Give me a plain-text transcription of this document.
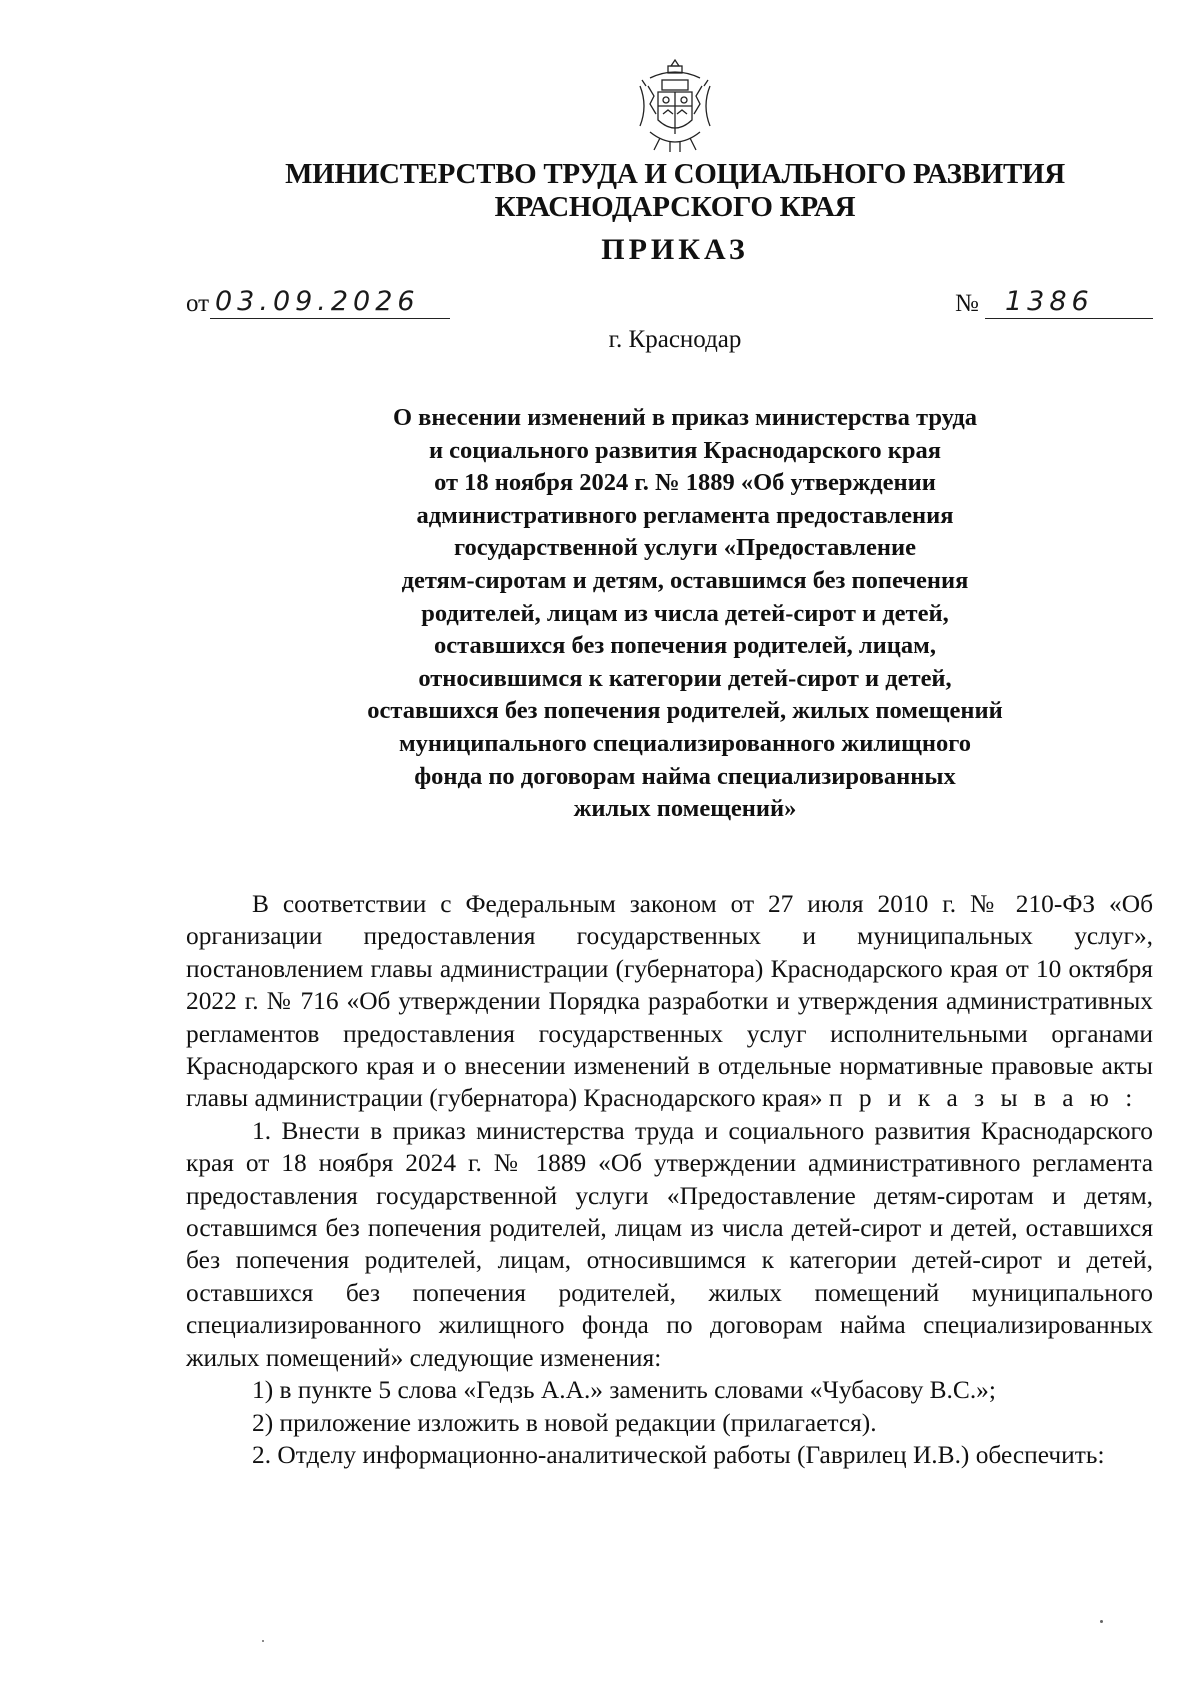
МИНИСТЕРСТВО ТРУДА И СОЦИАЛЬНОГО РАЗВИТИЯ
КРАСНОДАРСКОГО КРАЯ
ПРИКАЗ
от 03.09.2026	№ 1386
г. Краснодар
О внесении изменений в приказ министерства труда
и социального развития Краснодарского края
от 18 ноября 2024 г. № 1889 «Об утверждении
административного регламента предоставления
государственной услуги «Предоставление
детям-сиротам и детям, оставшимся без попечения
родителей, лицам из числа детей-сирот и детей,
оставшихся без попечения родителей, лицам,
относившимся к категории детей-сирот и детей,
оставшихся без попечения родителей, жилых помещений
муниципального специализированного жилищного
фонда по договорам найма специализированных
жилых помещений»

В соответствии с Федеральным законом от 27 июля 2010 г. № 210-ФЗ «Об организации предоставления государственных и муниципальных услуг», постановлением главы администрации (губернатора) Краснодарского края от 10 октября 2022 г. № 716 «Об утверждении Порядка разработки и утверждения административных регламентов предоставления государственных услуг исполнительными органами Краснодарского края и о внесении изменений в отдельные нормативные правовые акты главы администрации (губернатора) Краснодарского края» п р и к а з ы в а ю :

1. Внести в приказ министерства труда и социального развития Краснодарского края от 18 ноября 2024 г. № 1889 «Об утверждении административного регламента предоставления государственной услуги «Предоставление детям-сиротам и детям, оставшимся без попечения родителей, лицам из числа детей-сирот и детей, оставшихся без попечения родителей, лицам, относившимся к категории детей-сирот и детей, оставшихся без попечения родителей, жилых помещений муниципального специализированного жилищного фонда по договорам найма специализированных жилых помещений» следующие изменения:

1) в пункте 5 слова «Гедзь А.А.» заменить словами «Чубасову В.С.»;

2) приложение изложить в новой редакции (прилагается).

2. Отделу информационно-аналитической работы (Гаврилец И.В.) обеспечить:
